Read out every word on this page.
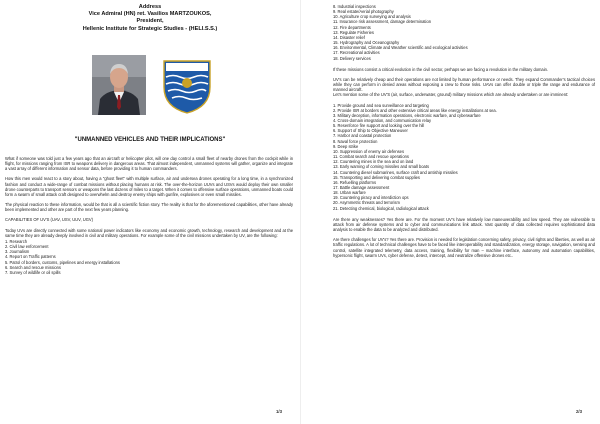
Address
Vice Admiral (HN) ret. Vasilios MARTZOUKOS,
President,
Hellenic Institute for Strategic Studies - (HELI.S.S.)
"UNMANNED VEHICLES AND THEIR IMPLICATIONS"

What if someone was told just a few years ago that an aircraft or helicopter pilot, will one day control a small fleet of nearby drones from the cockpit while in flight, for missions ranging from ISR to weapons delivery in dangerous areas. That almost independent, unmanned systems will gather, organize and integrate a vast array of different information and sensor data, before providing it to human commanders.

How this men would react to a story about, having a "ghost fleet" with multiple surface, air and undersea drones operating for a long time, in a synchronized fashion and conduct a wide-range of combat missions without placing humans at risk. The over-the-horizon UUVs and USVs would deploy their own smaller drone counterparts to transport sensors or weapons the last dozens of miles to a target. When it comes to offensive surface operations, unmanned boats could form a swarm of small attack craft designed to overwhelm and destroy enemy ships with gunfire, explosives or even small missiles.

The physical reaction to these information, would be that is all a scientific fiction story. The reality is that for the aforementioned capabilities, other have already been implemented and other are part of the next few years planning.

CAPABILITIES OF UV'S (UAV, USV, UUV, UGV)

Today UVs are directly connected with some national power indicators like economy and economic growth, technology, research and development and at the same time they are already deeply involved in civil and military operations. For example some of the civil missions undertaken by UV, are the following:

1. Research
2. Civil law enforcement
3. Journalism
4. Report on Traffic patterns
5. Patrol of borders, customs, pipelines and energy installations
6. Search and rescue missions
7. Survey of wildlife or oil spills
1/3
8. Industrial inspections
9. Real estate/Aerial photography
10. Agriculture crop surveying and analysis
11. Insurance risk assessment, damage determination
12. Fire departments
13. Regulate Fisheries
14. Disaster relief
15. Hydrography and Oceanography
16. Environmental, Climate and Weather scientific and ecological activities
17. Recreational activities
18. Delivery services

If these missions consist a critical evolution in the civil sector, perhaps we are facing a revolution in the military domain.

UV's can be relatively cheap and their operations are not limited by human performance or needs. They expand Commander's tactical choices while they can perform in denied areas without exposing a crew to those risks. UAVs can offer double or triple the range and endurance of manned aircraft.

Let's mention some of the UV'S (air, surface, underwater, ground) military missions which are already undertaken or are imminent:

1. Provide ground and sea surveillance and targeting
2. Provide ISR at borders and other extensive critical areas like energy installations at sea.
3. Military deception, information operations, electronic warfare, and cyberwarfare
4. Cross-domain integration, and communication relay
5. Resenforce fire support and looking over the hill
6. Support of Ship to Objective Maneuver
7. Harbor and coastal protection
8. Naval force protection
9. Deep strike
10. Suppression of enemy air defenses
11. Combat search and rescue operations
12. Countering mines in the sea and on land
13. Early warning of coming missiles and small boats
14. Countering diesel submarines, surface craft and antiship missiles
15. Transporting and delivering combat supplies
16. Refuelling platforms
17. Battle damage assessment
18. Urban warfare
19. Countering piracy and interdiction ops
20. Asymmetric threats and terrorism
21. Detecting chemical, biological, radiological attack

Are there any weaknesses? Yes there are. For the moment UV's have relatively low maneuverability and low speed. They are vulnerable to attack from air defense systems and to cyber and communications link attack. Vast quantity of data collected requires sophisticated data analysis to enable the data to be analyzed and distributed.

Are there challenges for UV's? Yes there are. Provision is needed for legislation concerning safety, privacy, civil rights and liberties, as well as air traffic regulations. A lot of technical challenges have to be faced like interoperability and standardization, energy storage, navigation, sensing and control, satellite integrated telemetry, data access, training, flexibility for man – machine interface, autonomy and automation capabilities, hypersonic flight, swarm UVs, cyber defense, detect, intercept, and neutralize offensive drones etc..

2/3
